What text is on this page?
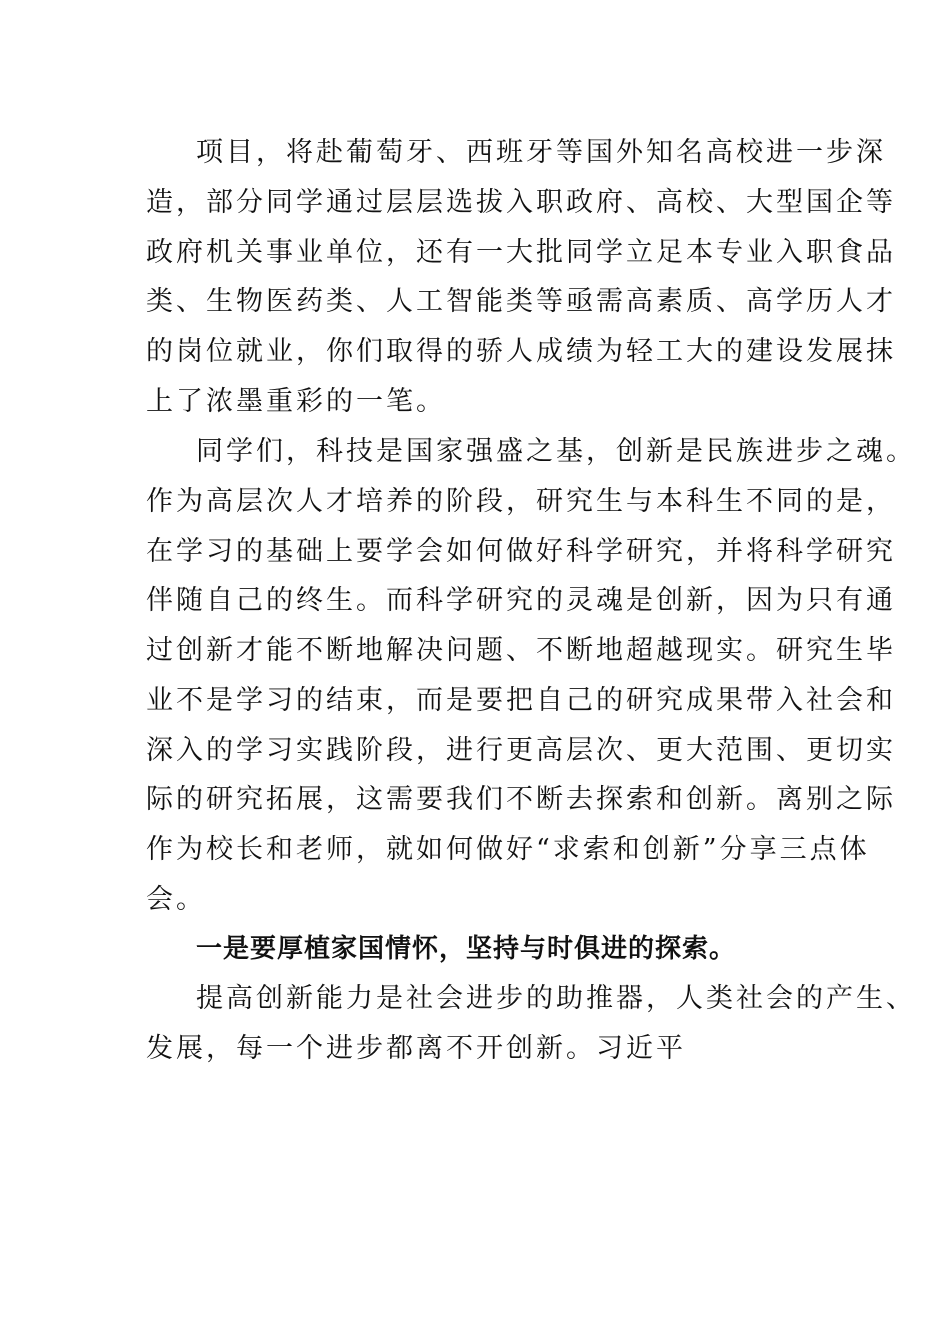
项目，将赴葡萄牙、西班牙等国外知名高校进一步深
造，部分同学通过层层选拔入职政府、高校、大型国企等
政府机关事业单位，还有一大批同学立足本专业入职食品
类、生物医药类、人工智能类等亟需高素质、高学历人才
的岗位就业，你们取得的骄人成绩为轻工大的建设发展抹
上了浓墨重彩的一笔。
同学们，科技是国家强盛之基，创新是民族进步之魂。
作为高层次人才培养的阶段，研究生与本科生不同的是，
在学习的基础上要学会如何做好科学研究，并将科学研究
伴随自己的终生。而科学研究的灵魂是创新，因为只有通
过创新才能不断地解决问题、不断地超越现实。研究生毕
业不是学习的结束，而是要把自己的研究成果带入社会和
深入的学习实践阶段，进行更高层次、更大范围、更切实
际的研究拓展，这需要我们不断去探索和创新。离别之际
作为校长和老师，就如何做好“求索和创新”分享三点体
会。
一是要厚植家国情怀，坚持与时俱进的探索。
提高创新能力是社会进步的助推器，人类社会的产生、
发展，每一个进步都离不开创新。习近平
